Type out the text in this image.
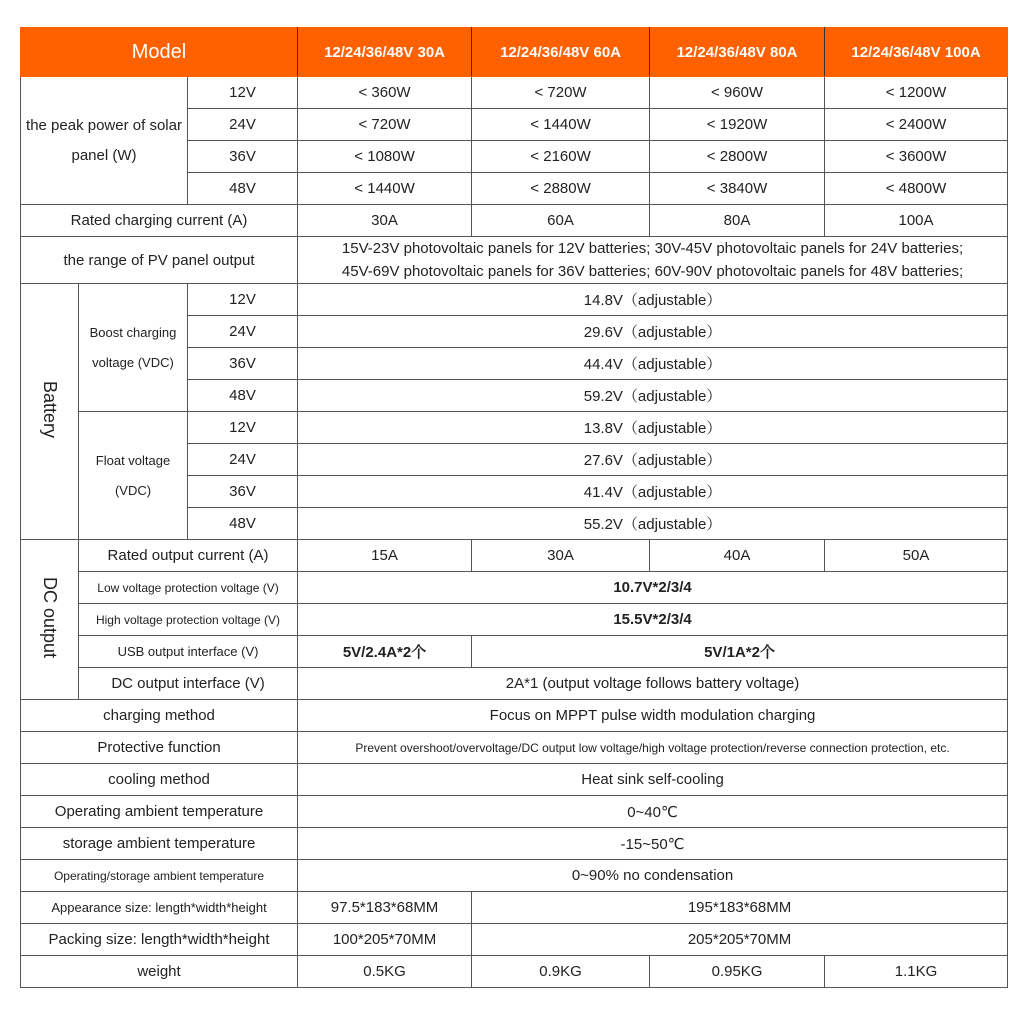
Model			12/24/36/48V 30A	12/24/36/48V 60A	12/24/36/48V 80A	12/24/36/48V 100A
the peak power of solar panel (W)		12V	< 360W	< 720W	< 960W	< 1200W
		24V	< 720W	< 1440W	< 1920W	< 2400W
		36V	< 1080W	< 2160W	< 2800W	< 3600W
		48V	< 1440W	< 2880W	< 3840W	< 4800W
Rated charging current (A)			30A	60A	80A	100A
the range of PV panel output			15V-23V photovoltaic panels for 12V batteries; 30V-45V photovoltaic panels for 24V batteries;
45V-69V photovoltaic panels for 36V batteries; 60V-90V photovoltaic panels for 48V batteries;			

Battery	Boost charging voltage (VDC)	12V	14.8V（adjustable）			
		24V	29.6V（adjustable）			
		36V	44.4V（adjustable）			
		48V	59.2V（adjustable）			
	Float voltage (VDC)	12V	13.8V（adjustable）			
		24V	27.6V（adjustable）			
		36V	41.4V（adjustable）			
		48V	55.2V（adjustable）			
DC output	Rated output current (A)		15A	30A	40A	50A
	Low voltage protection voltage (V)		10.7V*2/3/4			
	High voltage protection voltage (V)		15.5V*2/3/4			
	USB output interface (V)		5V/2.4A*2个	5V/1A*2个		
	DC output interface (V)		2A*1 (output voltage follows battery voltage)			
charging method			Focus on MPPT pulse width modulation charging			
Protective function			Prevent overshoot/overvoltage/DC output low voltage/high voltage protection/reverse connection protection, etc.			
cooling method			Heat sink self-cooling			
Operating ambient temperature			0~40℃			
storage ambient temperature			-15~50℃			
Operating/storage ambient temperature			0~90% no condensation			
Appearance size: length*width*height			97.5*183*68MM	195*183*68MM		
Packing size: length*width*height			100*205*70MM	205*205*70MM		
weight			0.5KG	0.9KG	0.95KG	1.1KG
